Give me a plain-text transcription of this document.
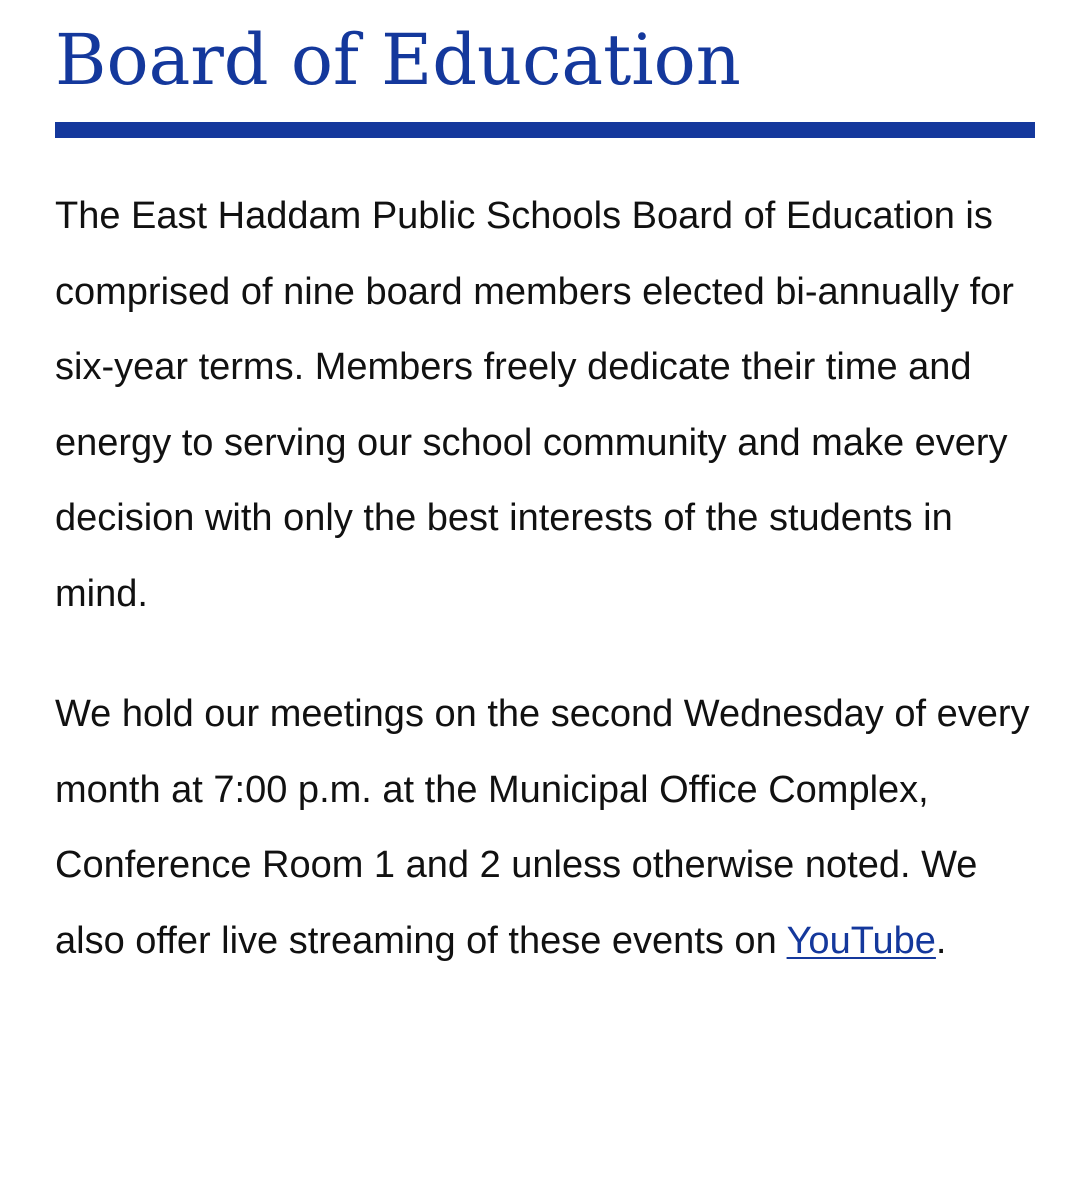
Board of Education

The East Haddam Public Schools Board of Education is comprised of nine board members elected bi-annually for six-year terms. Members freely dedicate their time and energy to serving our school community and make every decision with only the best interests of the students in mind.

We hold our meetings on the second Wednesday of every month at 7:00 p.m. at the Municipal Office Complex, Conference Room 1 and 2 unless otherwise noted. We also offer live streaming of these events on YouTube.
